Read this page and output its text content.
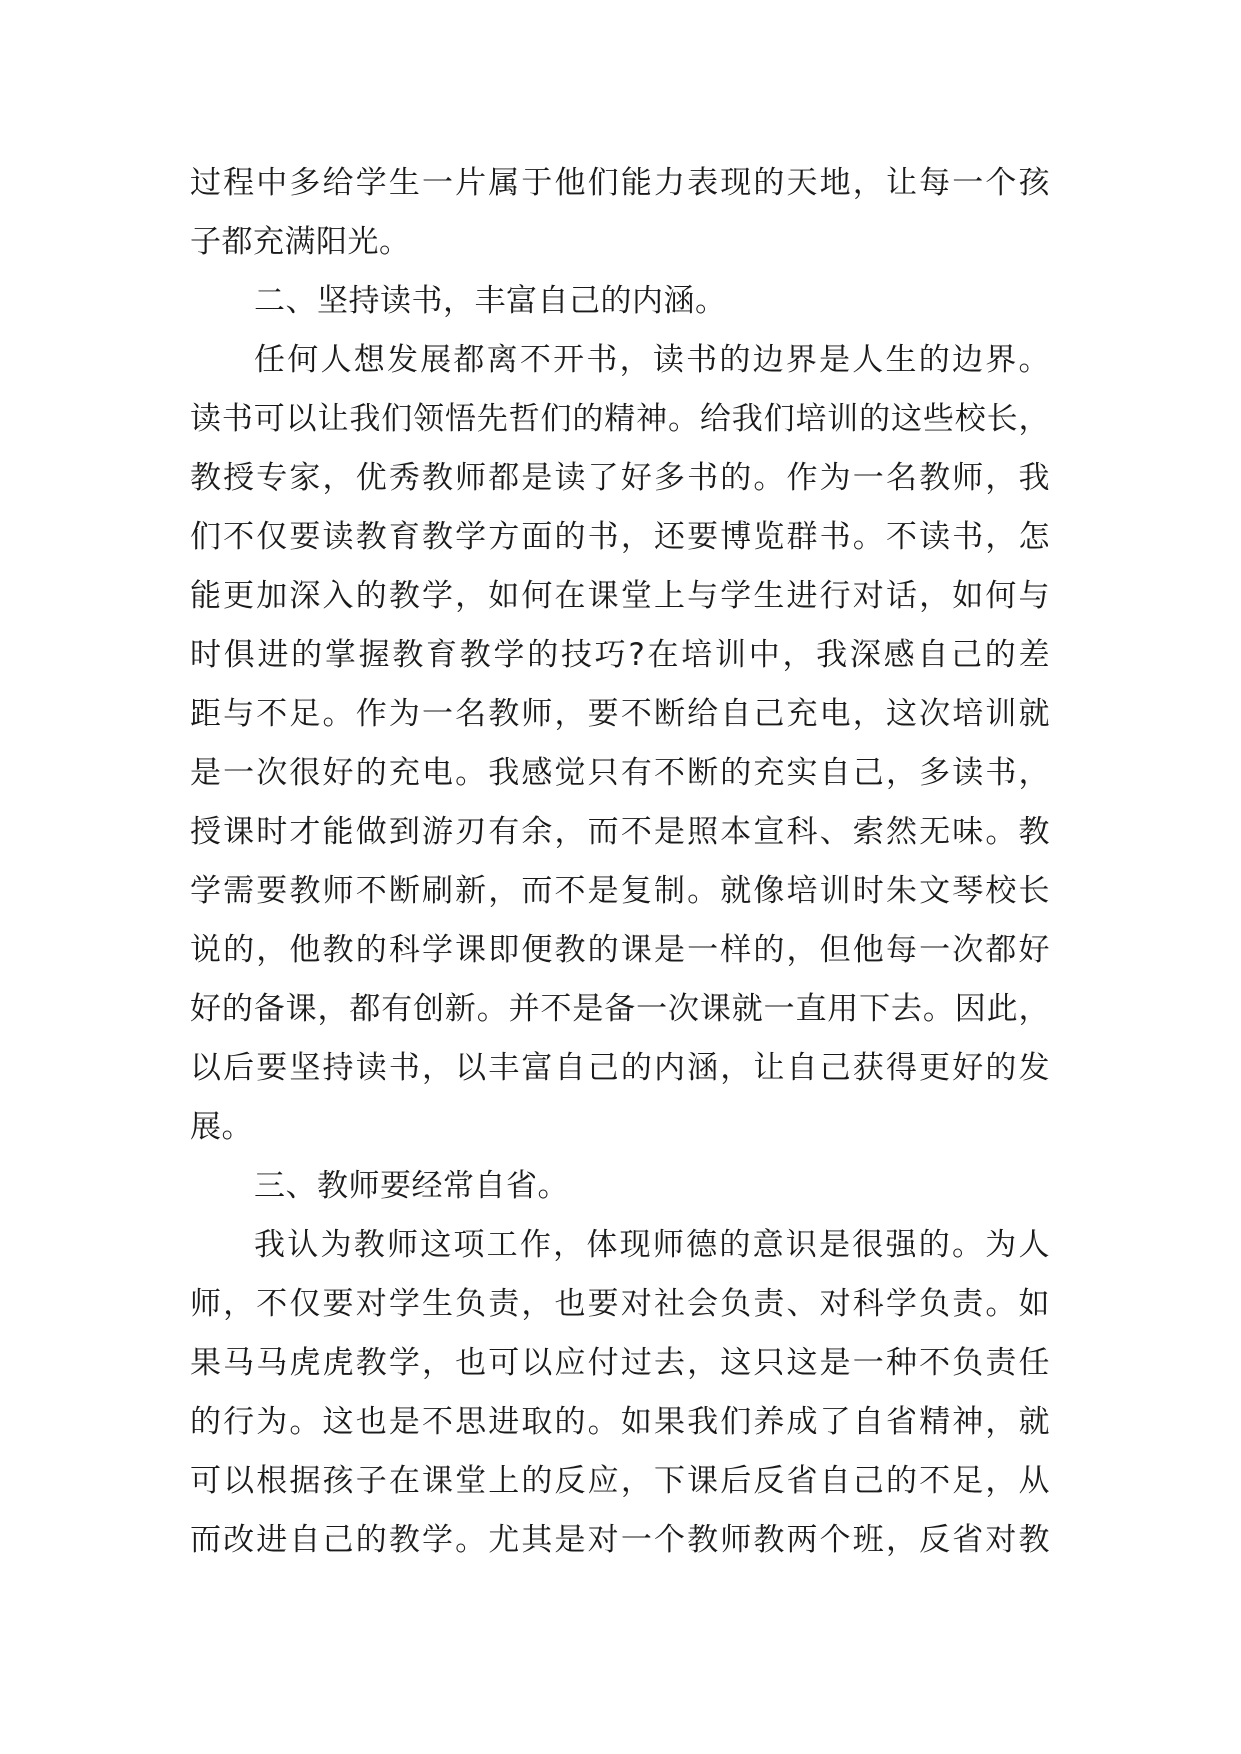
过程中多给学生一片属于他们能力表现的天地，让每一个孩
子都充满阳光。
二、坚持读书，丰富自己的内涵。
任何人想发展都离不开书，读书的边界是人生的边界。
读书可以让我们领悟先哲们的精神。给我们培训的这些校长，
教授专家，优秀教师都是读了好多书的。作为一名教师，我
们不仅要读教育教学方面的书，还要博览群书。不读书，怎
能更加深入的教学，如何在课堂上与学生进行对话，如何与
时俱进的掌握教育教学的技巧?在培训中，我深感自己的差
距与不足。作为一名教师，要不断给自己充电，这次培训就
是一次很好的充电。我感觉只有不断的充实自己，多读书，
授课时才能做到游刃有余，而不是照本宣科、索然无味。教
学需要教师不断刷新，而不是复制。就像培训时朱文琴校长
说的，他教的科学课即便教的课是一样的，但他每一次都好
好的备课，都有创新。并不是备一次课就一直用下去。因此，
以后要坚持读书，以丰富自己的内涵，让自己获得更好的发
展。
三、教师要经常自省。
我认为教师这项工作，体现师德的意识是很强的。为人
师，不仅要对学生负责，也要对社会负责、对科学负责。如
果马马虎虎教学，也可以应付过去，这只这是一种不负责任
的行为。这也是不思进取的。如果我们养成了自省精神，就
可以根据孩子在课堂上的反应，下课后反省自己的不足，从
而改进自己的教学。尤其是对一个教师教两个班，反省对教
